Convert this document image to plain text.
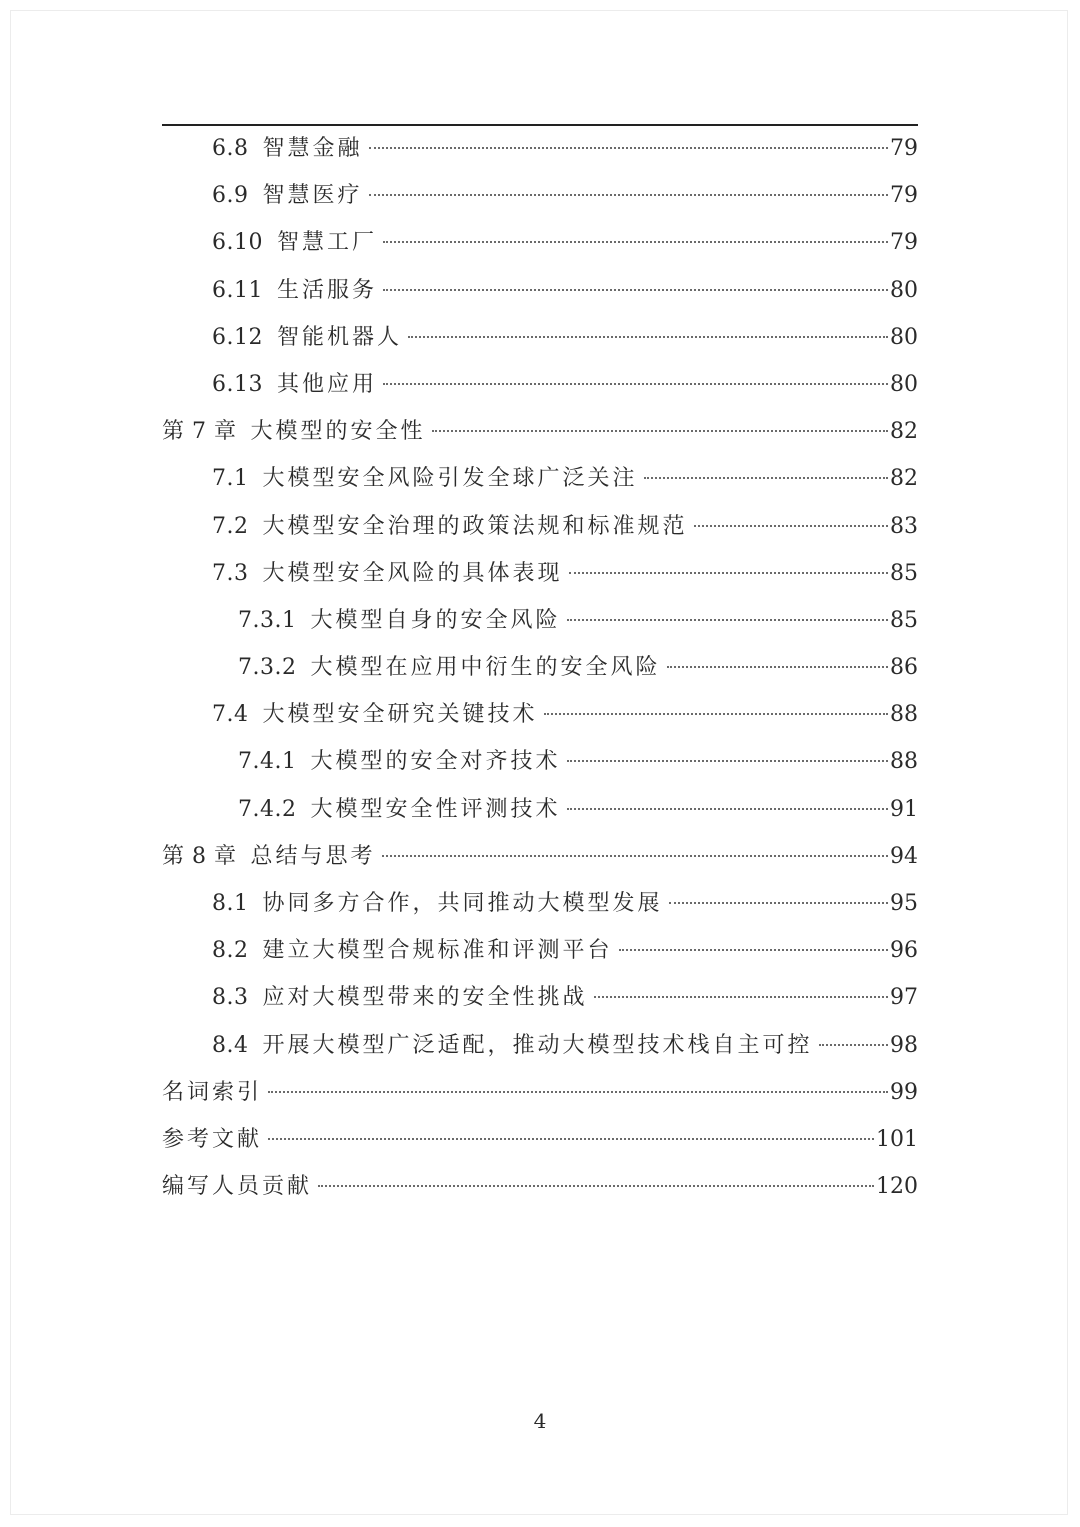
6.8 智慧金融	79
6.9 智慧医疗	79
6.10 智慧工厂	79
6.11 生活服务	80
6.12 智能机器人	80
6.13 其他应用	80
第 7 章 大模型的安全性	82
7.1 大模型安全风险引发全球广泛关注	82
7.2 大模型安全治理的政策法规和标准规范	83
7.3 大模型安全风险的具体表现	85
7.3.1 大模型自身的安全风险	85
7.3.2 大模型在应用中衍生的安全风险	86
7.4 大模型安全研究关键技术	88
7.4.1 大模型的安全对齐技术	88
7.4.2 大模型安全性评测技术	91
第 8 章 总结与思考	94
8.1 协同多方合作，共同推动大模型发展	95
8.2 建立大模型合规标准和评测平台	96
8.3 应对大模型带来的安全性挑战	97
8.4 开展大模型广泛适配，推动大模型技术栈自主可控	98
名词索引	99
参考文献	101
编写人员贡献	120
4
